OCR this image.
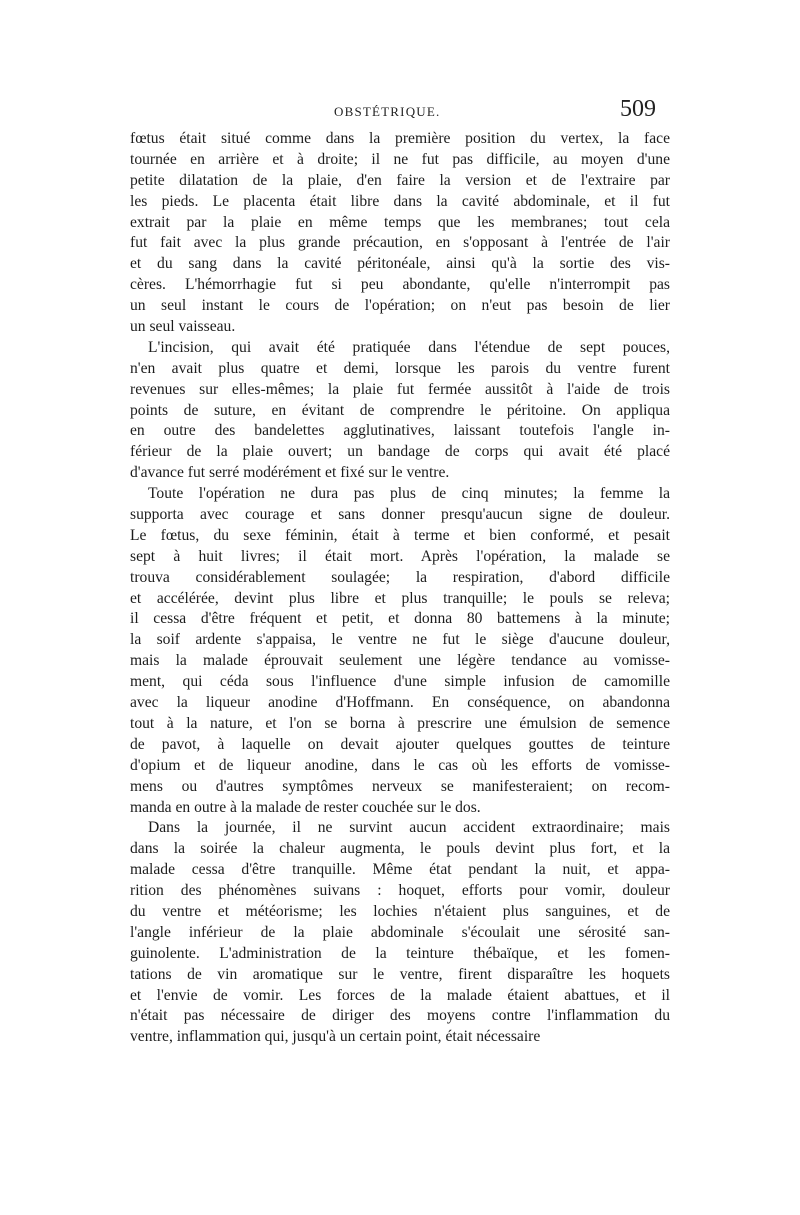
OBSTÉTRIQUE.	509
fœtus était situé comme dans la première position du vertex, la face
tournée en arrière et à droite; il ne fut pas difficile, au moyen d'une
petite dilatation de la plaie, d'en faire la version et de l'extraire par
les pieds. Le placenta était libre dans la cavité abdominale, et il fut
extrait par la plaie en même temps que les membranes; tout cela
fut fait avec la plus grande précaution, en s'opposant à l'entrée de l'air
et du sang dans la cavité péritonéale, ainsi qu'à la sortie des vis-
cères. L'hémorrhagie fut si peu abondante, qu'elle n'interrompit pas
un seul instant le cours de l'opération; on n'eut pas besoin de lier
un seul vaisseau.
L'incision, qui avait été pratiquée dans l'étendue de sept pouces,
n'en avait plus quatre et demi, lorsque les parois du ventre furent
revenues sur elles-mêmes; la plaie fut fermée aussitôt à l'aide de trois
points de suture, en évitant de comprendre le péritoine. On appliqua
en outre des bandelettes agglutinatives, laissant toutefois l'angle in-
férieur de la plaie ouvert; un bandage de corps qui avait été placé
d'avance fut serré modérément et fixé sur le ventre.
Toute l'opération ne dura pas plus de cinq minutes; la femme la
supporta avec courage et sans donner presqu'aucun signe de douleur.
Le fœtus, du sexe féminin, était à terme et bien conformé, et pesait
sept à huit livres; il était mort. Après l'opération, la malade se
trouva considérablement soulagée; la respiration, d'abord difficile
et accélérée, devint plus libre et plus tranquille; le pouls se releva;
il cessa d'être fréquent et petit, et donna 80 battemens à la minute;
la soif ardente s'appaisa, le ventre ne fut le siège d'aucune douleur,
mais la malade éprouvait seulement une légère tendance au vomisse-
ment, qui céda sous l'influence d'une simple infusion de camomille
avec la liqueur anodine d'Hoffmann. En conséquence, on abandonna
tout à la nature, et l'on se borna à prescrire une émulsion de semence
de pavot, à laquelle on devait ajouter quelques gouttes de teinture
d'opium et de liqueur anodine, dans le cas où les efforts de vomisse-
mens ou d'autres symptômes nerveux se manifesteraient; on recom-
manda en outre à la malade de rester couchée sur le dos.
Dans la journée, il ne survint aucun accident extraordinaire; mais
dans la soirée la chaleur augmenta, le pouls devint plus fort, et la
malade cessa d'être tranquille. Même état pendant la nuit, et appa-
rition des phénomènes suivans : hoquet, efforts pour vomir, douleur
du ventre et météorisme; les lochies n'étaient plus sanguines, et de
l'angle inférieur de la plaie abdominale s'écoulait une sérosité san-
guinolente. L'administration de la teinture thébaïque, et les fomen-
tations de vin aromatique sur le ventre, firent disparaître les hoquets
et l'envie de vomir. Les forces de la malade étaient abattues, et il
n'était pas nécessaire de diriger des moyens contre l'inflammation du
ventre, inflammation qui, jusqu'à un certain point, était nécessaire
